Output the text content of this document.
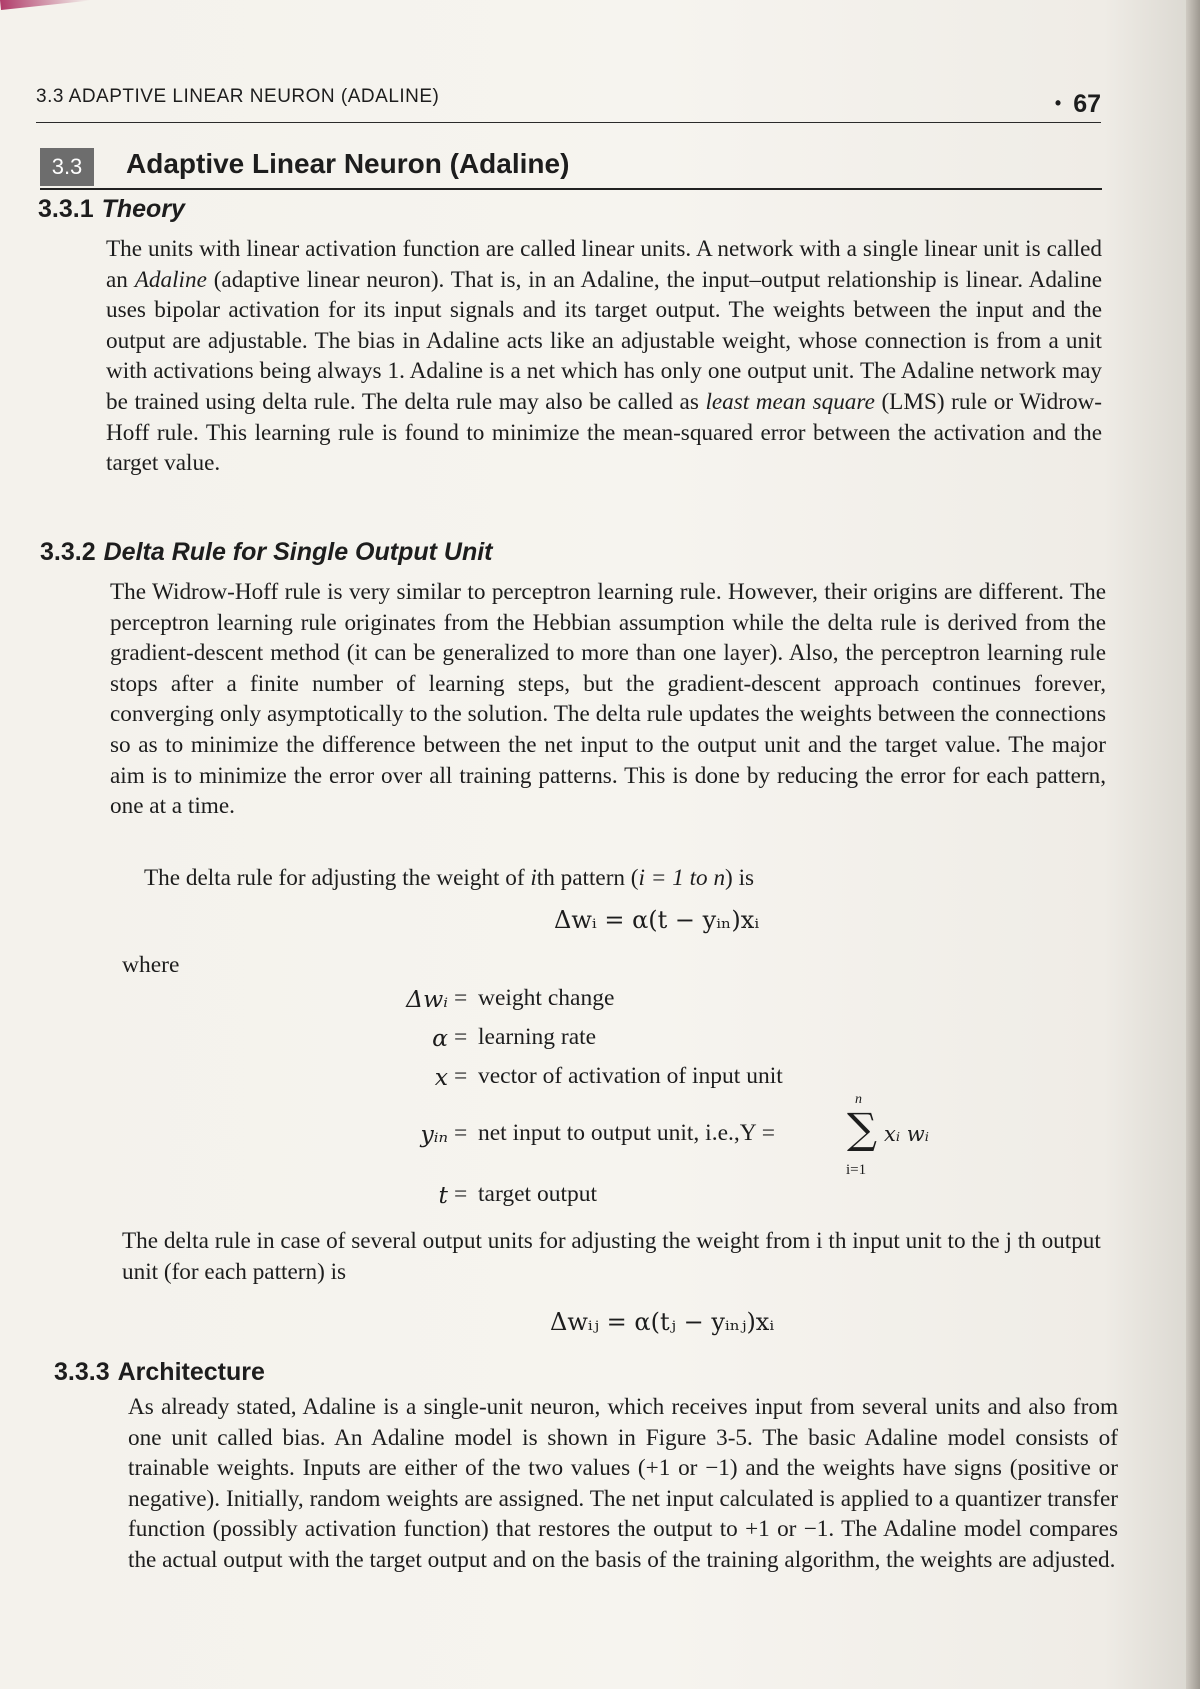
3.3 ADAPTIVE LINEAR NEURON (ADALINE)	• 67
3.3	Adaptive Linear Neuron (Adaline)
3.3.1 Theory

The units with linear activation function are called linear units. A network with a single linear unit is called an Adaline (adaptive linear neuron). That is, in an Adaline, the input–output relationship is linear. Adaline uses bipolar activation for its input signals and its target output. The weights between the input and the output are adjustable. The bias in Adaline acts like an adjustable weight, whose connection is from a unit with activations being always 1. Adaline is a net which has only one output unit. The Adaline network may be trained using delta rule. The delta rule may also be called as least mean square (LMS) rule or Widrow-Hoff rule. This learning rule is found to minimize the mean-squared error between the activation and the target value.

3.3.2 Delta Rule for Single Output Unit

The Widrow-Hoff rule is very similar to perceptron learning rule. However, their origins are different. The perceptron learning rule originates from the Hebbian assumption while the delta rule is derived from the gradient-descent method (it can be generalized to more than one layer). Also, the perceptron learning rule stops after a finite number of learning steps, but the gradient-descent approach continues forever, converging only asymptotically to the solution. The delta rule updates the weights between the connections so as to minimize the difference between the net input to the output unit and the target value. The major aim is to minimize the error over all training patterns. This is done by reducing the error for each pattern, one at a time.

The delta rule for adjusting the weight of ith pattern (i = 1 to n) is

Δwᵢ = α(t − yᵢₙ)xᵢ
where
Δwᵢ = weight change
α = learning rate
x = vector of activation of input unit
yᵢₙ = net input to output unit, i.e.,Y =
n
∑
i=1
xᵢ wᵢ
t = target output

The delta rule in case of several output units for adjusting the weight from i th input unit to the j th output unit (for each pattern) is

Δwᵢⱼ = α(tⱼ − yᵢₙⱼ)xᵢ
3.3.3 Architecture

As already stated, Adaline is a single-unit neuron, which receives input from several units and also from one unit called bias. An Adaline model is shown in Figure 3-5. The basic Adaline model consists of trainable weights. Inputs are either of the two values (+1 or −1) and the weights have signs (positive or negative). Initially, random weights are assigned. The net input calculated is applied to a quantizer transfer function (possibly activation function) that restores the output to +1 or −1. The Adaline model compares the actual output with the target output and on the basis of the training algorithm, the weights are adjusted.
